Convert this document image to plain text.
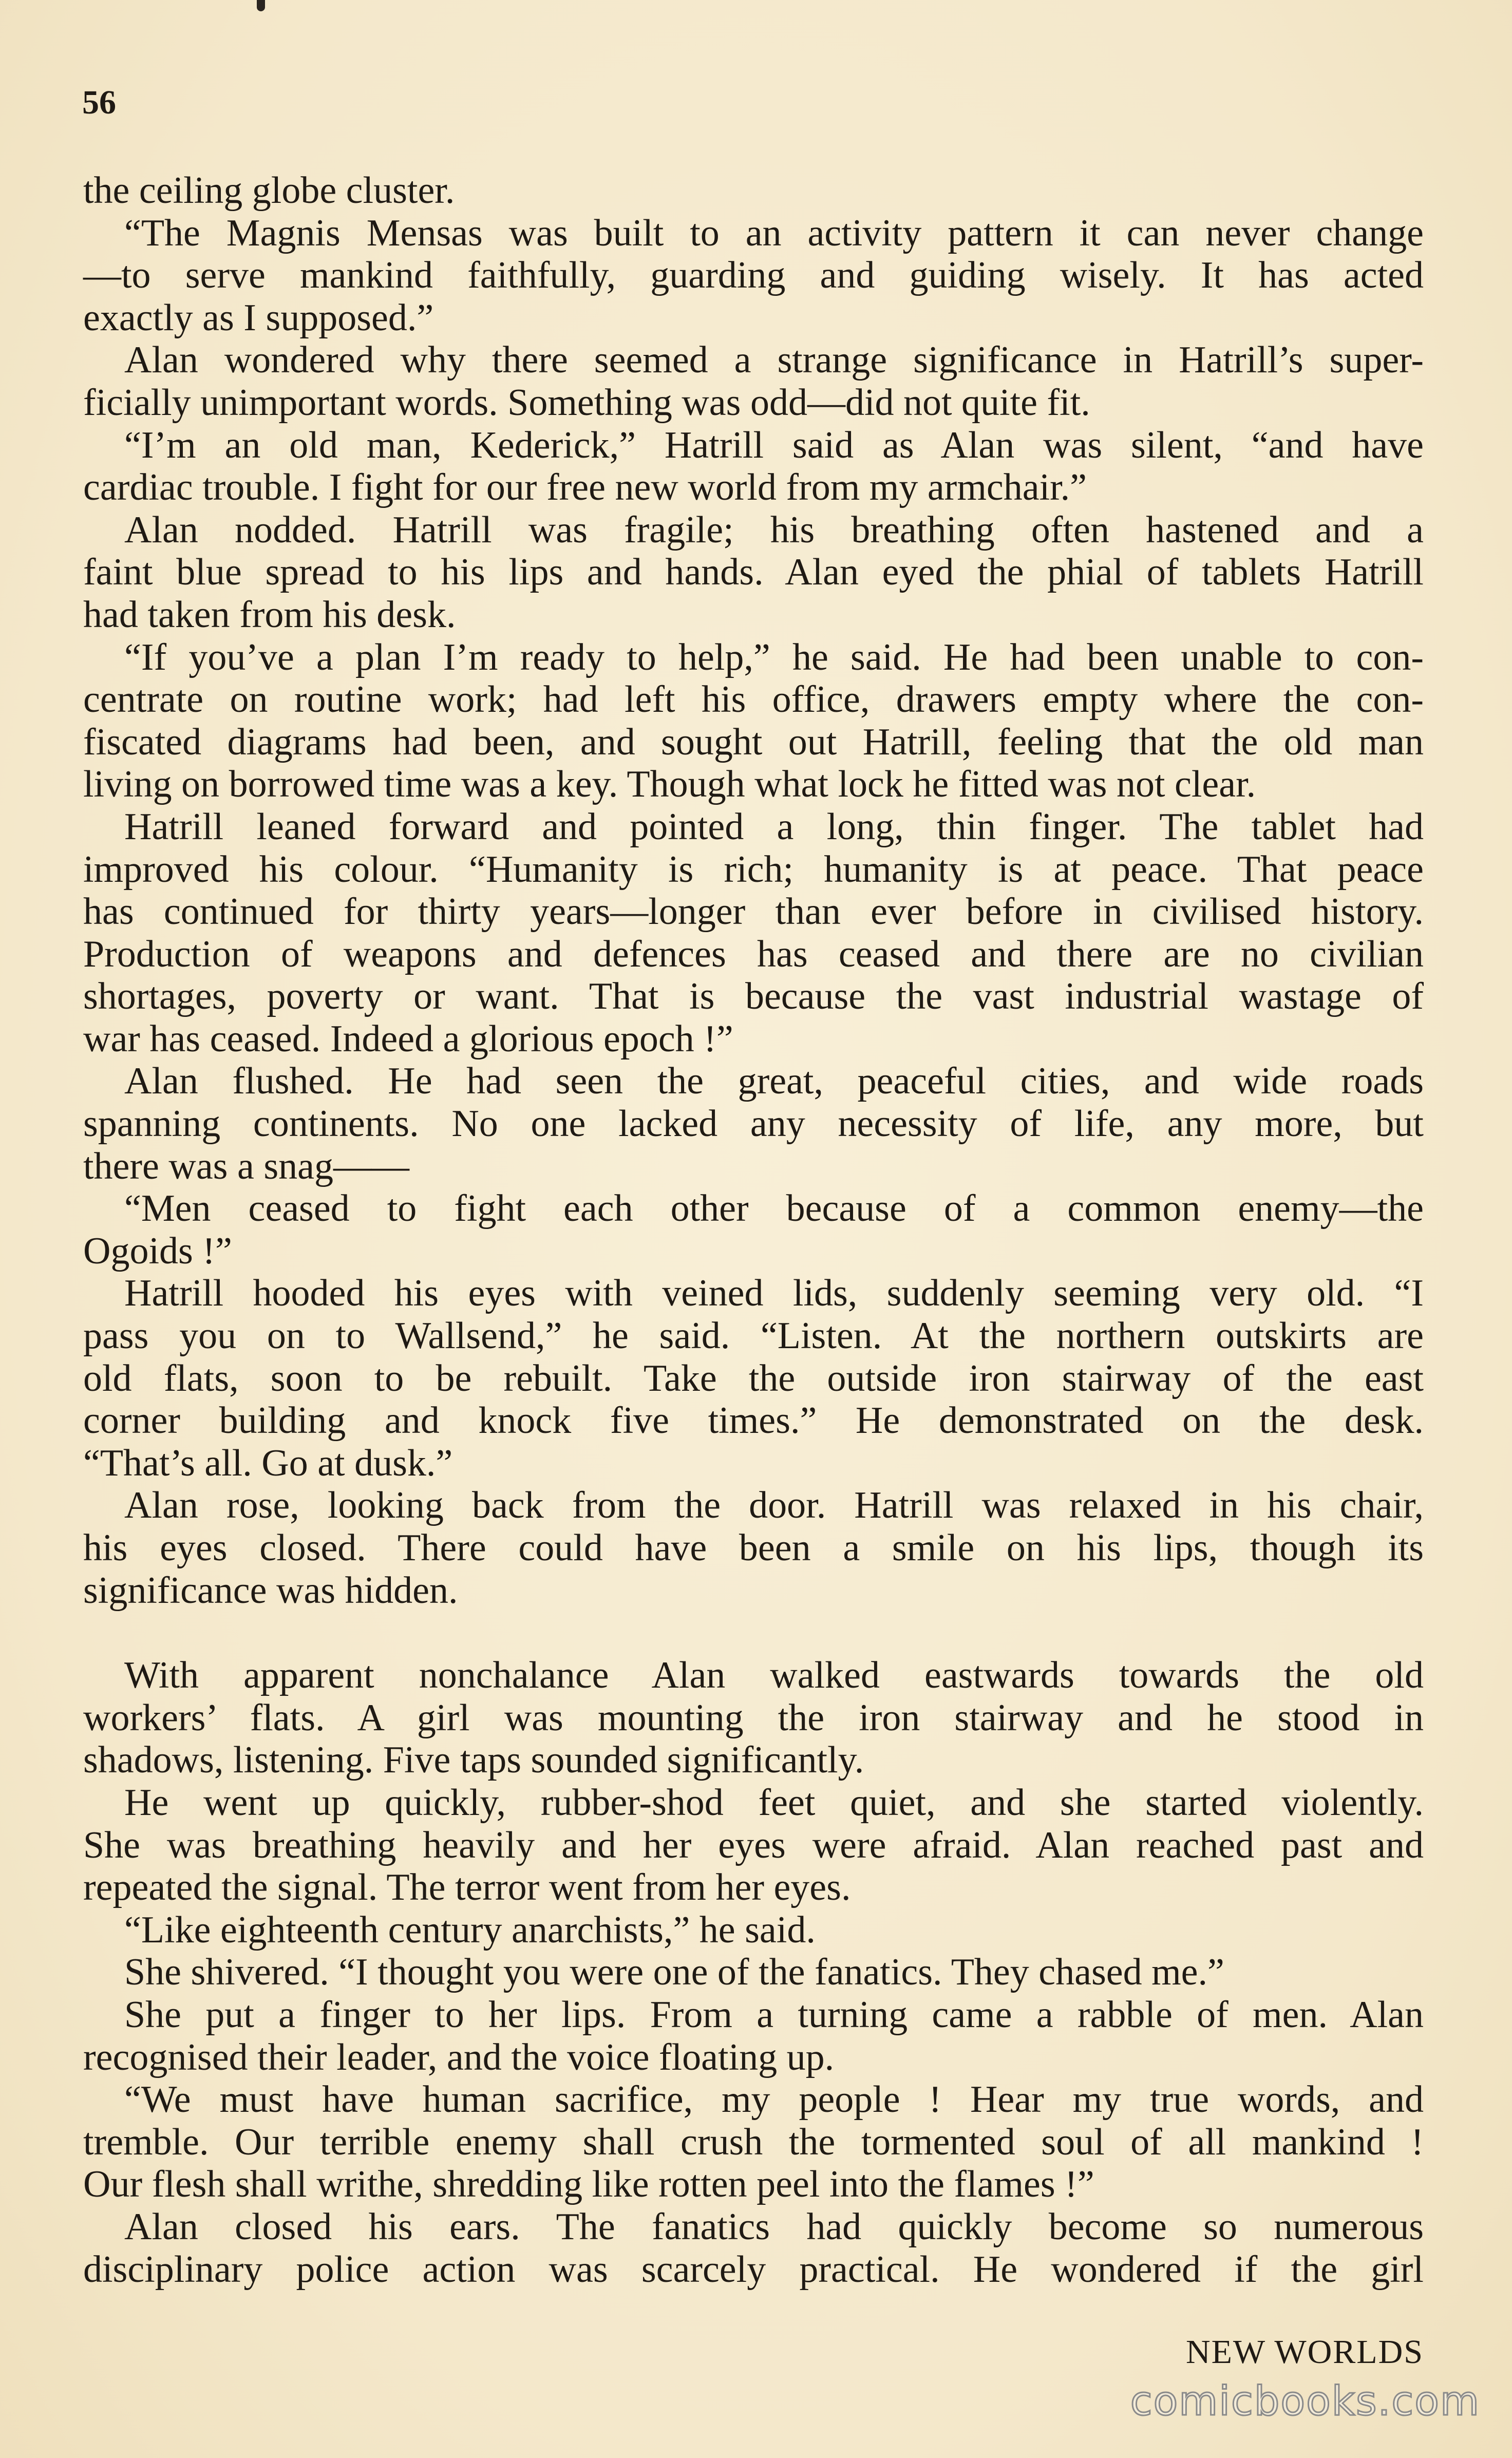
56
the ceiling globe cluster.
“The Magnis Mensas was built to an activity pattern it can never change
—to serve mankind faithfully, guarding and guiding wisely. It has acted
exactly as I supposed.”
Alan wondered why there seemed a strange significance in Hatrill’s super-
ficially unimportant words. Something was odd—did not quite fit.
“I’m an old man, Kederick,” Hatrill said as Alan was silent, “and have
cardiac trouble. I fight for our free new world from my armchair.”
Alan nodded. Hatrill was fragile; his breathing often hastened and a
faint blue spread to his lips and hands. Alan eyed the phial of tablets Hatrill
had taken from his desk.
“If you’ve a plan I’m ready to help,” he said. He had been unable to con-
centrate on routine work; had left his office, drawers empty where the con-
fiscated diagrams had been, and sought out Hatrill, feeling that the old man
living on borrowed time was a key. Though what lock he fitted was not clear.
Hatrill leaned forward and pointed a long, thin finger. The tablet had
improved his colour. “Humanity is rich; humanity is at peace. That peace
has continued for thirty years—longer than ever before in civilised history.
Production of weapons and defences has ceased and there are no civilian
shortages, poverty or want. That is because the vast industrial wastage of
war has ceased. Indeed a glorious epoch !”
Alan flushed. He had seen the great, peaceful cities, and wide roads
spanning continents. No one lacked any necessity of life, any more, but
there was a snag——
“Men ceased to fight each other because of a common enemy—the
Ogoids !”
Hatrill hooded his eyes with veined lids, suddenly seeming very old. “I
pass you on to Wallsend,” he said. “Listen. At the northern outskirts are
old flats, soon to be rebuilt. Take the outside iron stairway of the east
corner building and knock five times.” He demonstrated on the desk.
“That’s all. Go at dusk.”
Alan rose, looking back from the door. Hatrill was relaxed in his chair,
his eyes closed. There could have been a smile on his lips, though its
significance was hidden.
With apparent nonchalance Alan walked eastwards towards the old
workers’ flats. A girl was mounting the iron stairway and he stood in
shadows, listening. Five taps sounded significantly.
He went up quickly, rubber-shod feet quiet, and she started violently.
She was breathing heavily and her eyes were afraid. Alan reached past and
repeated the signal. The terror went from her eyes.
“Like eighteenth century anarchists,” he said.
She shivered. “I thought you were one of the fanatics. They chased me.”
She put a finger to her lips. From a turning came a rabble of men. Alan
recognised their leader, and the voice floating up.
“We must have human sacrifice, my people ! Hear my true words, and
tremble. Our terrible enemy shall crush the tormented soul of all mankind !
Our flesh shall writhe, shredding like rotten peel into the flames !”
Alan closed his ears. The fanatics had quickly become so numerous
disciplinary police action was scarcely practical. He wondered if the girl
NEW WORLDS
comicbooks.com
